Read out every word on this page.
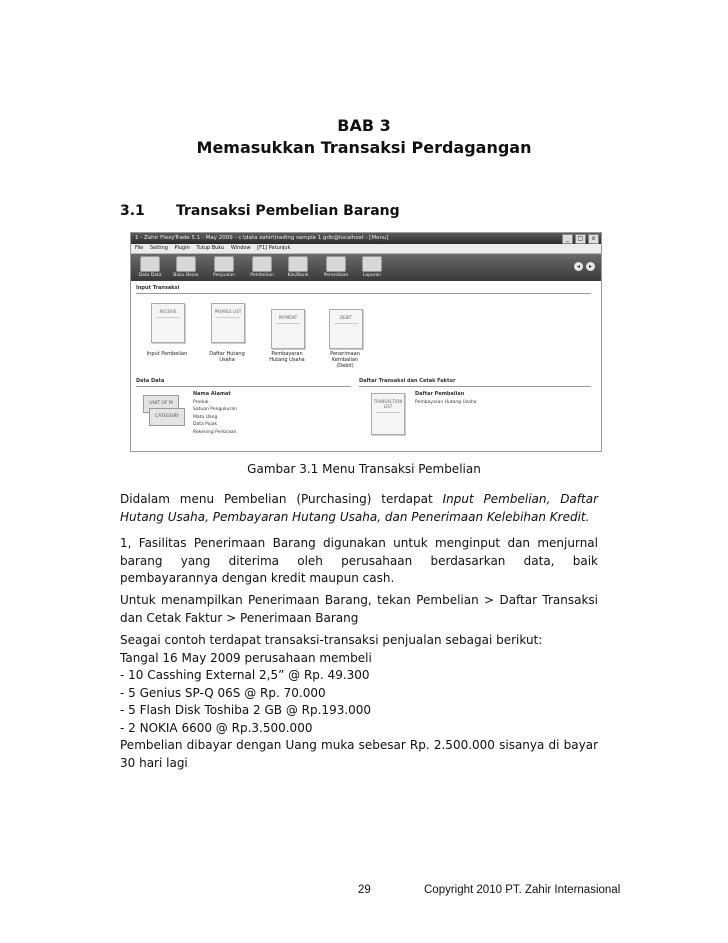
BAB 3
Memasukkan Transaksi Perdagangan
3.1 Transaksi Pembelian Barang
1 - Zahir FlexyTrade 5.1 - May 2009 - c:\data zahir\trading sample 1.gdb@localhost - [Menu]	_	□	x
File Setting Plugin Tutup Buku Window [F1] Petunjuk
Data Data	Buku Besar	Penjualan	Pembelian	Kas/Bank	Persediaan	Laporan
◂	▸
Input Transaksi
RECEIVE
Input Pembelian
PAYABLE LIST
Daftar Hutang
Usaha
PAYMENT
Pembayaran
Hutang Usaha
DEBIT
Penerimaan
Kembalian
(Debit)
Data Data
UNIT OF M
CATEGORY
Nama Alamat
Produk
Satuan Pengukuran
Mata Uang
Data Pajak
Rekening Perkiraan
Daftar Transaksi dan Cetak Faktur
TRANSACTION LIST
Daftar Pembelian
Pembayaran Hutang Usaha
Gambar 3.1 Menu Transaksi Pembelian
Didalam menu Pembelian (Purchasing) terdapat Input Pembelian, Daftar Hutang Usaha, Pembayaran Hutang Usaha, dan Penerimaan Kelebihan Kredit.
1, Fasilitas Penerimaan Barang digunakan untuk menginput dan menjurnal barang yang diterima oleh perusahaan berdasarkan data, baik pembayarannya dengan kredit maupun cash.
Untuk menampilkan Penerimaan Barang, tekan Pembelian > Daftar Transaksi dan Cetak Faktur > Penerimaan Barang
Seagai contoh terdapat transaksi-transaksi penjualan sebagai berikut:
Tangal 16 May 2009 perusahaan membeli
- 10 Casshing External 2,5” @ Rp. 49.300
- 5 Genius SP-Q 06S @ Rp. 70.000
- 5 Flash Disk Toshiba 2 GB @ Rp.193.000
- 2 NOKIA 6600 @ Rp.3.500.000
Pembelian dibayar dengan Uang muka sebesar Rp. 2.500.000 sisanya di bayar 30 hari lagi
29	Copyright 2010 PT. Zahir Internasional
